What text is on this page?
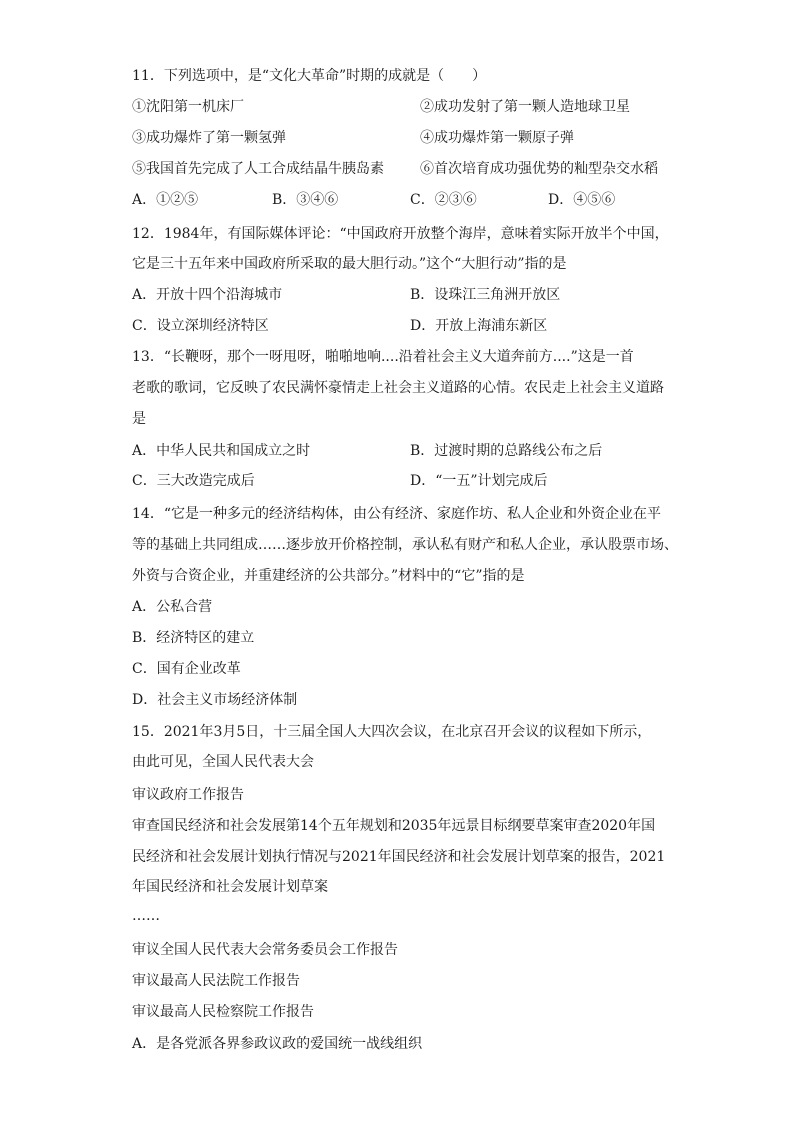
11．下列选项中，是“文化大革命”时期的成就是（　　）
①沈阳第一机床厂	②成功发射了第一颗人造地球卫星
③成功爆炸了第一颗氢弹	④成功爆炸第一颗原子弹
⑤我国首先完成了人工合成结晶牛胰岛素	⑥首次培育成功强优势的籼型杂交水稻
A．①②⑤	B．③④⑥	C．②③⑥	D．④⑤⑥
12．1984年，有国际媒体评论：“中国政府开放整个海岸，意味着实际开放半个中国，
它是三十五年来中国政府所采取的最大胆行动。”这个“大胆行动”指的是
A．开放十四个沿海城市	B．设珠江三角洲开放区
C．设立深圳经济特区	D．开放上海浦东新区
13．“长鞭呀，那个一呀甩呀，啪啪地响....沿着社会主义大道奔前方....”这是一首
老歌的歌词，它反映了农民满怀豪情走上社会主义道路的心情。农民走上社会主义道路
是
A．中华人民共和国成立之时	B．过渡时期的总路线公布之后
C．三大改造完成后	D．“一五”计划完成后
14．“它是一种多元的经济结构体，由公有经济、家庭作坊、私人企业和外资企业在平
等的基础上共同组成……逐步放开价格控制，承认私有财产和私人企业，承认股票市场、
外资与合资企业，并重建经济的公共部分。”材料中的“它”指的是
A．公私合营
B．经济特区的建立
C．国有企业改革
D．社会主义市场经济体制
15．2021年3月5日，十三届全国人大四次会议，在北京召开会议的议程如下所示，
由此可见，全国人民代表大会
审议政府工作报告
审查国民经济和社会发展第14个五年规划和2035年远景目标纲要草案审查2020年国
民经济和社会发展计划执行情况与2021年国民经济和社会发展计划草案的报告，2021
年国民经济和社会发展计划草案
……
审议全国人民代表大会常务委员会工作报告
审议最高人民法院工作报告
审议最高人民检察院工作报告
A．是各党派各界参政议政的爱国统一战线组织
